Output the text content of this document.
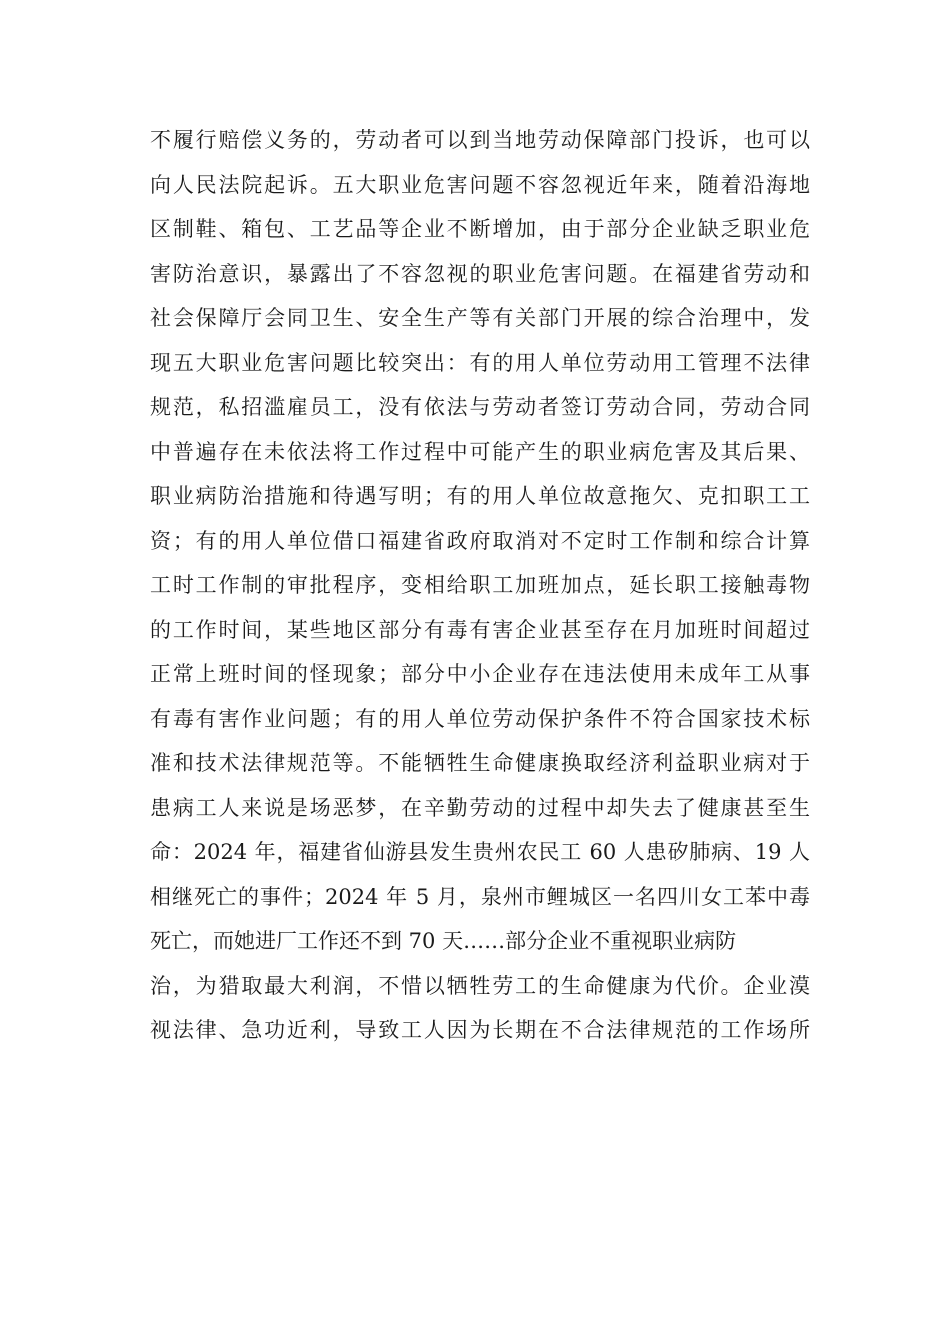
不履行赔偿义务的，劳动者可以到当地劳动保障部门投诉，也可以
向人民法院起诉。五大职业危害问题不容忽视近年来，随着沿海地
区制鞋、箱包、工艺品等企业不断增加，由于部分企业缺乏职业危
害防治意识，暴露出了不容忽视的职业危害问题。在福建省劳动和
社会保障厅会同卫生、安全生产等有关部门开展的综合治理中，发
现五大职业危害问题比较突出：有的用人单位劳动用工管理不法律
规范，私招滥雇员工，没有依法与劳动者签订劳动合同，劳动合同
中普遍存在未依法将工作过程中可能产生的职业病危害及其后果、
职业病防治措施和待遇写明；有的用人单位故意拖欠、克扣职工工
资；有的用人单位借口福建省政府取消对不定时工作制和综合计算
工时工作制的审批程序，变相给职工加班加点，延长职工接触毒物
的工作时间，某些地区部分有毒有害企业甚至存在月加班时间超过
正常上班时间的怪现象；部分中小企业存在违法使用未成年工从事
有毒有害作业问题；有的用人单位劳动保护条件不符合国家技术标
准和技术法律规范等。不能牺牲生命健康换取经济利益职业病对于
患病工人来说是场恶梦，在辛勤劳动的过程中却失去了健康甚至生
命：2024 年，福建省仙游县发生贵州农民工 60 人患矽肺病、19 人
相继死亡的事件；2024 年 5 月，泉州市鲤城区一名四川女工苯中毒
死亡，而她进厂工作还不到 70 天……部分企业不重视职业病防
治，为猎取最大利润，不惜以牺牲劳工的生命健康为代价。企业漠
视法律、急功近利，导致工人因为长期在不合法律规范的工作场所
